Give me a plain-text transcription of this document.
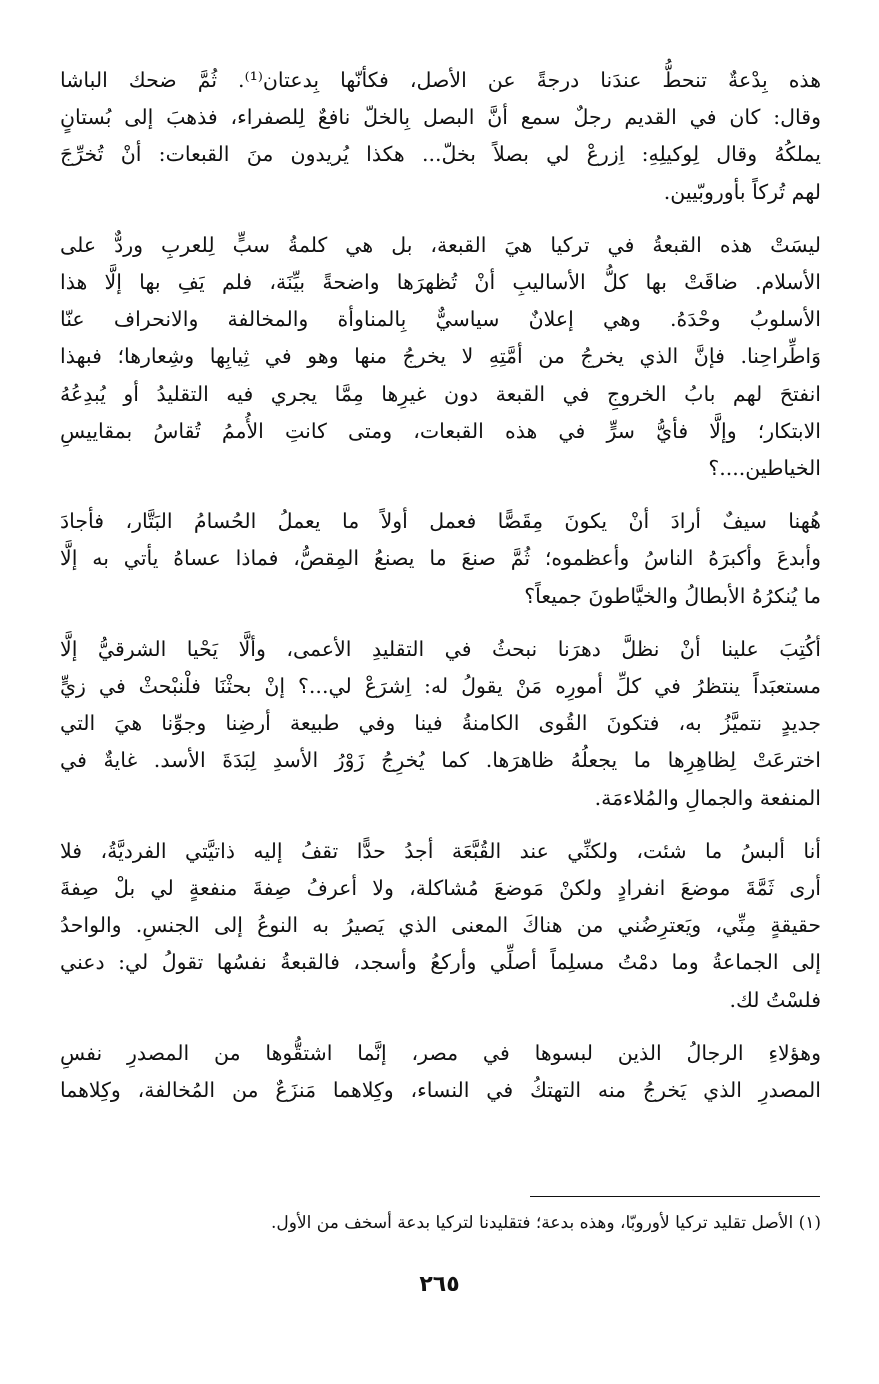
هذه بِدْعةٌ تنحطُّ عندَنا درجةً عن الأصل، فكأنّها بِدعتان⁽¹⁾. ثُمَّ ضحك الباشا
وقال: كان في القديم رجلٌ سمع أنَّ البصل بِالخلّ نافعٌ لِلصفراء، فذهبَ إلى بُستانٍ
يملكُهُ وقال لِوكيلِهِ: اِزرعْ لي بصلاً بخلّ... هكذا يُريدون منَ القبعات: أنْ تُخرِّجَ
لهم تُركاً بأوروبّيين.

ليسَتْ هذه القبعةُ في تركيا هيَ القبعة، بل هي كلمةُ سبٍّ لِلعربِ وردٌّ على
الأسلام. ضاقَتْ بها كلُّ الأساليبِ أنْ تُظهرَها واضحةً بيِّنَة، فلم يَفِ بها إلَّا هذا
الأسلوبُ وحْدَهُ. وهي إعلانٌ سياسيٌّ بِالمناوأة والمخالفة والانحراف عنّا
وَاطِّراحِنا. فإنَّ الذي يخرجُ من أمَّتِهِ لا يخرجُ منها وهو في ثِيابِها وشِعارها؛ فبهذا
انفتحَ لهم بابُ الخروجِ في القبعة دون غيرِها مِمَّا يجري فيه التقليدُ أو يُبدِعُهُ
الابتكار؛ وإلَّا فأيُّ سرٍّ في هذه القبعات، ومتى كانتِ الأُممُ تُقاسُ بمقاييسِ
الخياطين....؟

هُهنا سيفٌ أرادَ أنْ يكونَ مِقَصًّا فعمل أولاً ما يعملُ الحُسامُ البَتَّار، فأجادَ
وأبدعَ وأكبرَهُ الناسُ وأعظموه؛ ثُمَّ صنعَ ما يصنعُ المِقصُّ، فماذا عساهُ يأتي به إلَّا
ما يُنكرُهُ الأبطالُ والخيَّاطونَ جميعاً؟

أكُتِبَ علينا أنْ نظلَّ دهرَنا نبحثُ في التقليدِ الأعمى، وألَّا يَحْيا الشرقيُّ إلَّا
مستعبَداً ينتظرُ في كلِّ أمورِه مَنْ يقولُ له: اِشرَعْ لي...؟ إنْ بحثْنَا فلْنبْحثْ في زيٍّ
جديدٍ نتميَّزُ به، فتكونَ القُوى الكامنةُ فينا وفي طبيعة أرضِنا وجوِّنا هيَ التي
اخترعَتْ لِظاهِرِها ما يجعلُهُ ظاهرَها. كما يُخرِجُ زَوْرُ الأسدِ لِبَدَةَ الأسد. غايةٌ في
المنفعة والجمالِ والمُلاءمَة.

أنا ألبسُ ما شئت، ولكنِّي عند القُبَّعَة أجدُ حدًّا تقفُ إليه ذاتيَّتي الفرديَّةُ، فلا
أرى ثَمَّةَ موضعَ انفرادٍ ولكنْ مَوضعَ مُشاكلة، ولا أعرفُ صِفةَ منفعةٍ لي بلْ صِفةَ
حقيقةٍ مِنِّي، ويَعترِضُني من هناكَ المعنى الذي يَصيرُ به النوعُ إلى الجنسِ. والواحدُ
إلى الجماعةُ وما دمْتُ مسلِماً أصلِّي وأركعُ وأسجد، فالقبعةُ نفسُها تقولُ لي: دعني
فلسْتُ لك.

وهؤلاءِ الرجالُ الذين لبسوها في مصر، إنَّما اشتقُّوها من المصدرِ نفسِ
المصدرِ الذي يَخرجُ منه التهتكُ في النساء، وكِلاهما مَنزَعٌ من المُخالفة، وكِلاهما

(١) الأصل تقليد تركيا لأوروبّا، وهذه بدعة؛ فتقليدنا لتركيا بدعة أسخف من الأول.
٢٦٥
